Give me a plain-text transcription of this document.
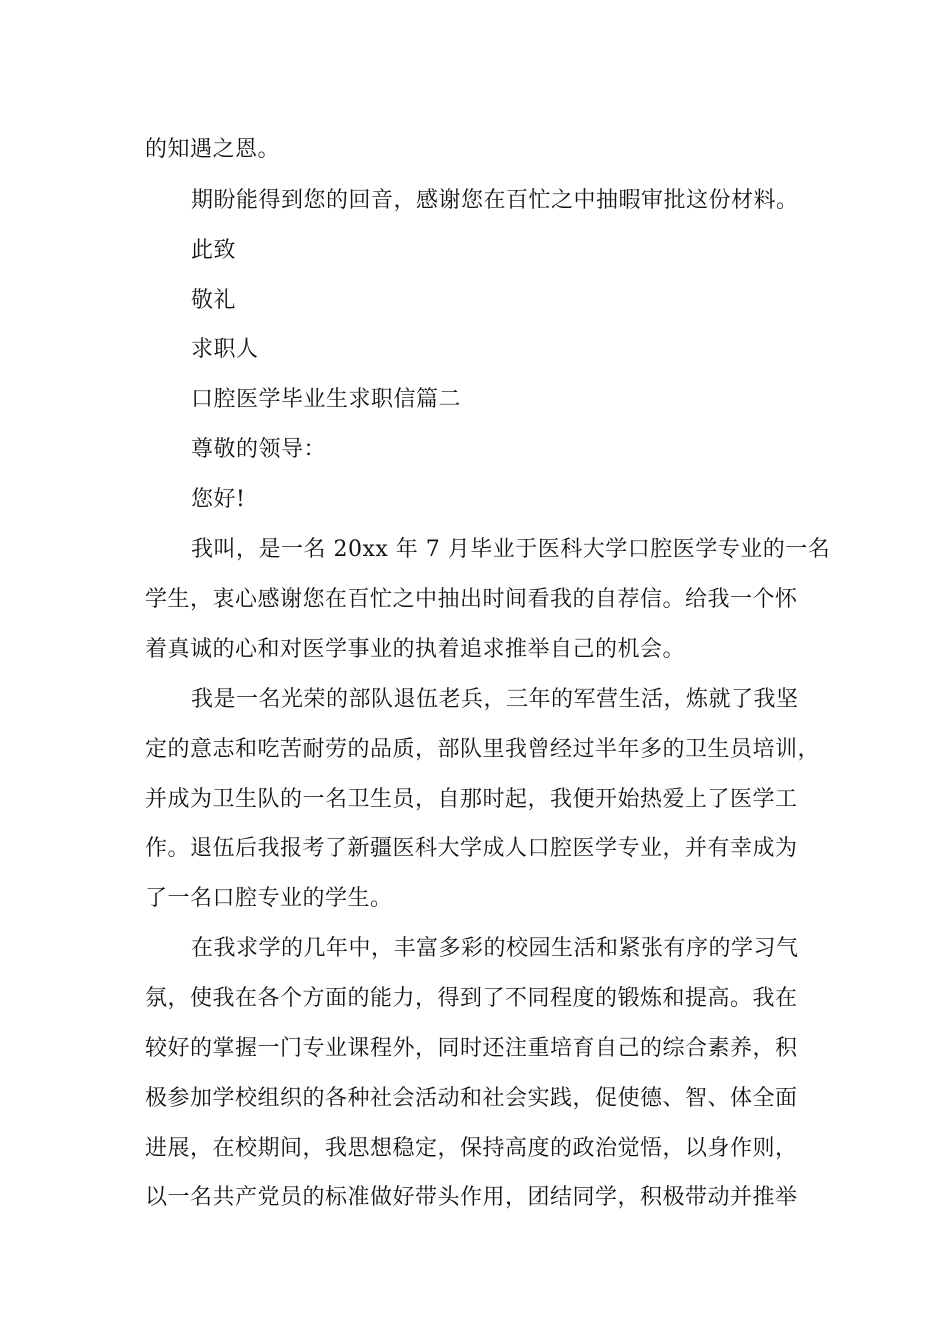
的知遇之恩。
期盼能得到您的回音，感谢您在百忙之中抽暇审批这份材料。
此致
敬礼
求职人
口腔医学毕业生求职信篇二
尊敬的领导：
您好!
我叫，是一名 20xx 年 7 月毕业于医科大学口腔医学专业的一名
学生，衷心感谢您在百忙之中抽出时间看我的自荐信。给我一个怀
着真诚的心和对医学事业的执着追求推举自己的机会。
我是一名光荣的部队退伍老兵，三年的军营生活，炼就了我坚
定的意志和吃苦耐劳的品质，部队里我曾经过半年多的卫生员培训，
并成为卫生队的一名卫生员，自那时起，我便开始热爱上了医学工
作。退伍后我报考了新疆医科大学成人口腔医学专业，并有幸成为
了一名口腔专业的学生。
在我求学的几年中，丰富多彩的校园生活和紧张有序的学习气
氛，使我在各个方面的能力，得到了不同程度的锻炼和提高。我在
较好的掌握一门专业课程外，同时还注重培育自己的综合素养，积
极参加学校组织的各种社会活动和社会实践，促使德、智、体全面
进展，在校期间，我思想稳定，保持高度的政治觉悟，以身作则，
以一名共产党员的标准做好带头作用，团结同学，积极带动并推举
